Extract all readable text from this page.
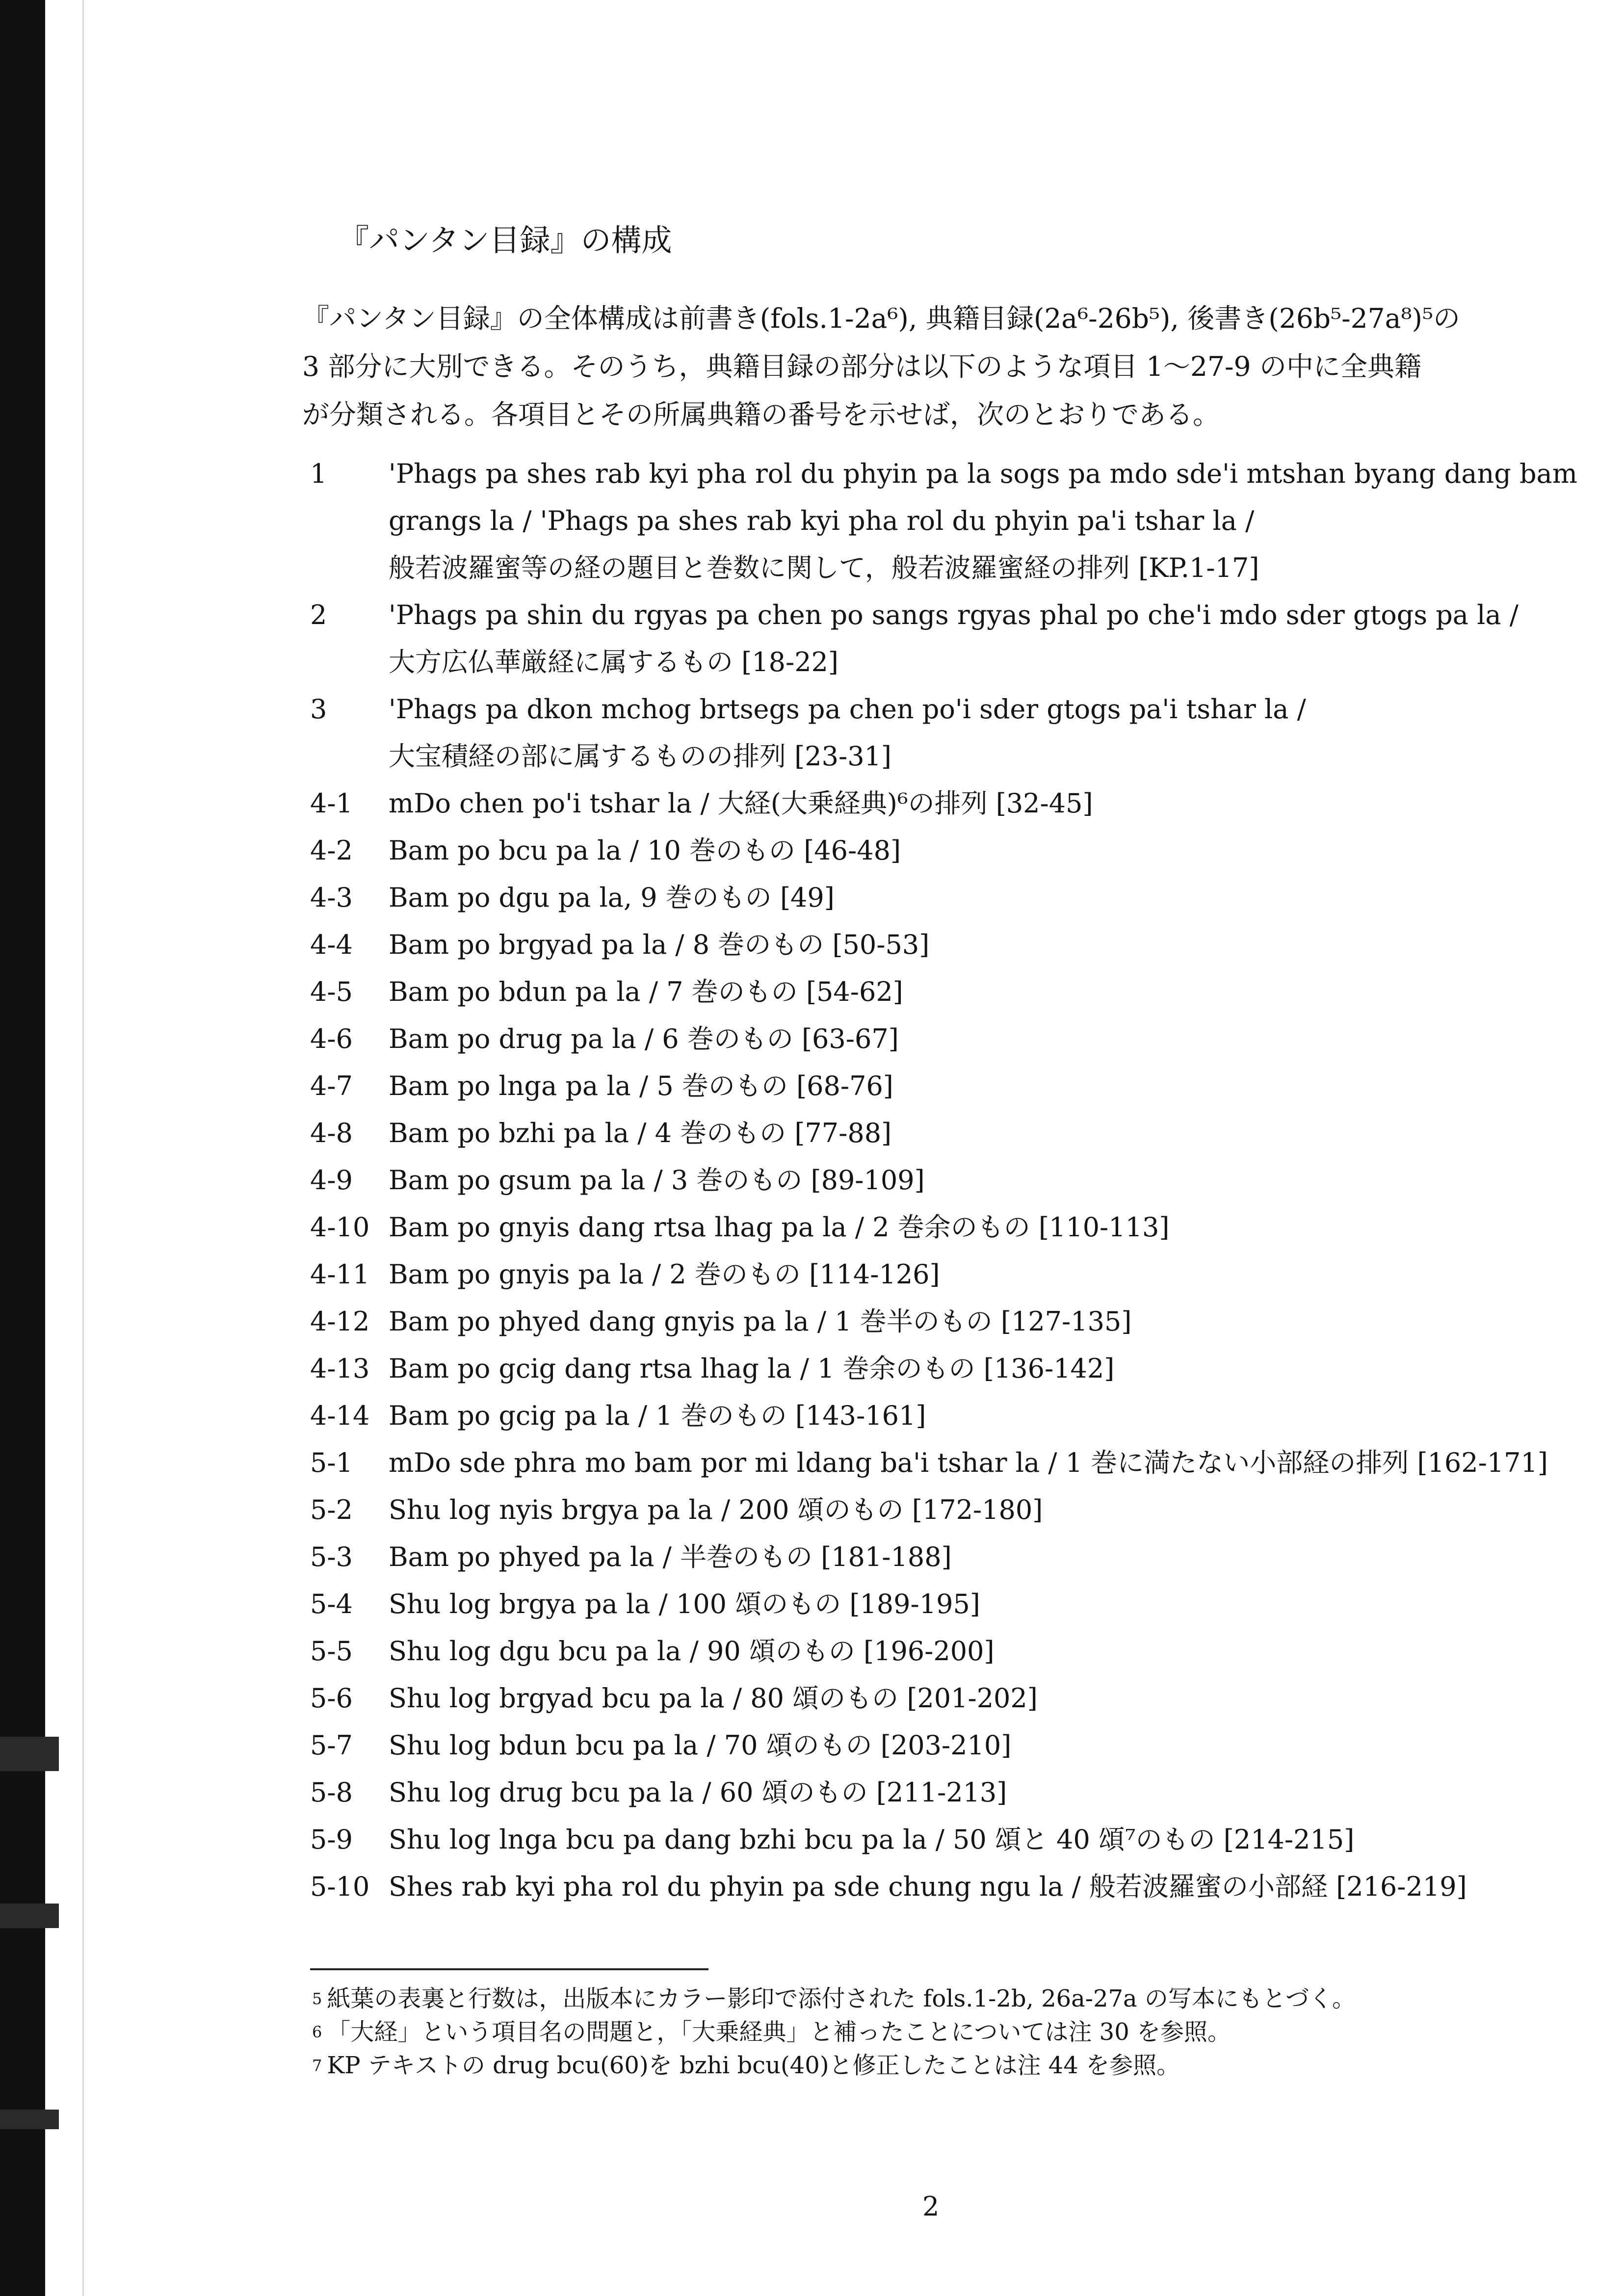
『パンタン目録』の構成

『パンタン目録』の全体構成は前書き(fols.1-2a⁶), 典籍目録(2a⁶-26b⁵), 後書き(26b⁵-27a⁸)⁵の

3 部分に大別できる。そのうち，典籍目録の部分は以下のような項目 1～27-9 の中に全典籍

が分類される。各項目とその所属典籍の番号を示せば，次のとおりである。

1	'Phags pa shes rab kyi pha rol du phyin pa la sogs pa mdo sde'i mtshan byang dang bam
grangs la / 'Phags pa shes rab kyi pha rol du phyin pa'i tshar la /
般若波羅蜜等の経の題目と巻数に関して，般若波羅蜜経の排列 [KP.1-17]
2	'Phags pa shin du rgyas pa chen po sangs rgyas phal po che'i mdo sder gtogs pa la /
大方広仏華厳経に属するもの [18-22]
3	'Phags pa dkon mchog brtsegs pa chen po'i sder gtogs pa'i tshar la /
大宝積経の部に属するものの排列 [23-31]
4-1	mDo chen po'i tshar la / 大経(大乗経典)⁶の排列 [32-45]
4-2	Bam po bcu pa la / 10 巻のもの [46-48]
4-3	Bam po dgu pa la, 9 巻のもの [49]
4-4	Bam po brgyad pa la / 8 巻のもの [50-53]
4-5	Bam po bdun pa la / 7 巻のもの [54-62]
4-6	Bam po drug pa la / 6 巻のもの [63-67]
4-7	Bam po lnga pa la / 5 巻のもの [68-76]
4-8	Bam po bzhi pa la / 4 巻のもの [77-88]
4-9	Bam po gsum pa la / 3 巻のもの [89-109]
4-10 Bam po gnyis dang rtsa lhag pa la / 2 巻余のもの [110-113]
4-11 Bam po gnyis pa la / 2 巻のもの [114-126]
4-12 Bam po phyed dang gnyis pa la / 1 巻半のもの [127-135]
4-13 Bam po gcig dang rtsa lhag la / 1 巻余のもの [136-142]
4-14 Bam po gcig pa la / 1 巻のもの [143-161]
5-1	mDo sde phra mo bam por mi ldang ba'i tshar la / 1 巻に満たない小部経の排列 [162-171]
5-2	Shu log nyis brgya pa la / 200 頌のもの [172-180]
5-3	Bam po phyed pa la / 半巻のもの [181-188]
5-4	Shu log brgya pa la / 100 頌のもの [189-195]
5-5	Shu log dgu bcu pa la / 90 頌のもの [196-200]
5-6	Shu log brgyad bcu pa la / 80 頌のもの [201-202]
5-7	Shu log bdun bcu pa la / 70 頌のもの [203-210]
5-8	Shu log drug bcu pa la / 60 頌のもの [211-213]
5-9	Shu log lnga bcu pa dang bzhi bcu pa la / 50 頌と 40 頌⁷のもの [214-215]
5-10 Shes rab kyi pha rol du phyin pa sde chung ngu la / 般若波羅蜜の小部経 [216-219]
$^5$ 紙葉の表裏と行数は，出版本にカラー影印で添付された fols.1-2b, 26a-27a の写本にもとづく。
$^6$ 「大経」という項目名の問題と，「大乗経典」と補ったことについては注 30 を参照。
$^7$ KP テキストの drug bcu(60)を bzhi bcu(40)と修正したことは注 44 を参照。
2
